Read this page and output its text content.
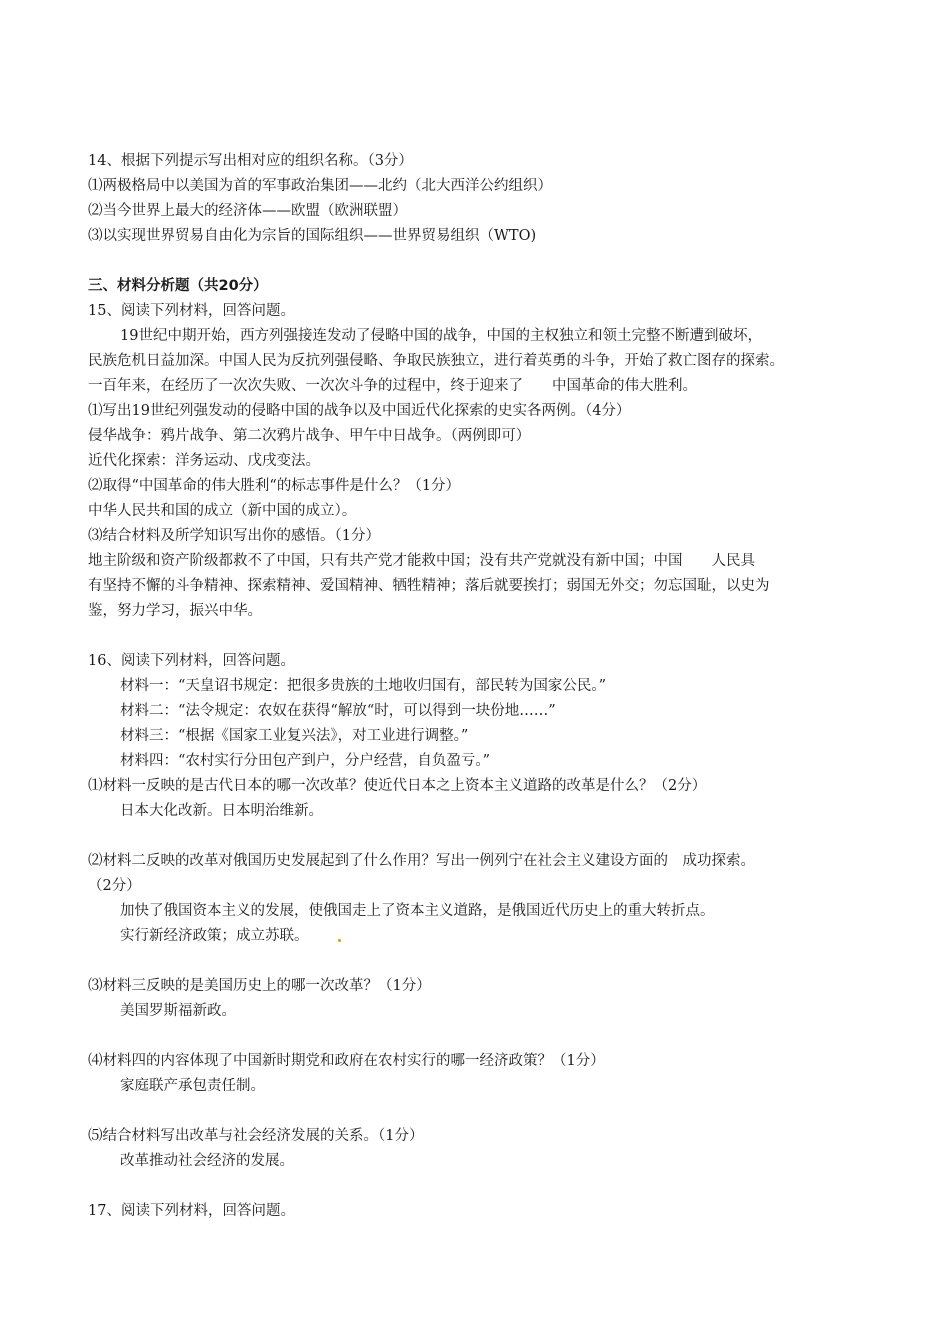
14、根据下列提示写出相对应的组织名称。（3分）
⑴两极格局中以美国为首的军事政治集团——北约（北大西洋公约组织）
⑵当今世界上最大的经济体——欧盟（欧洲联盟）
⑶以实现世界贸易自由化为宗旨的国际组织——世界贸易组织（WTO)
三、材料分析题（共20分）
15、阅读下列材料，回答问题。
19世纪中期开始，西方列强接连发动了侵略中国的战争，中国的主权独立和领土完整不断遭到破坏，
民族危机日益加深。中国人民为反抗列强侵略、争取民族独立，进行着英勇的斗争，开始了救亡图存的探索。
一百年来，在经历了一次次失败、一次次斗争的过程中，终于迎来了　　中国革命的伟大胜利。
⑴写出19世纪列强发动的侵略中国的战争以及中国近代化探索的史实各两例。（4分）
侵华战争：鸦片战争、第二次鸦片战争、甲午中日战争。（两例即可）
近代化探索：洋务运动、戊戌变法。
⑵取得“中国革命的伟大胜利“的标志事件是什么？（1分）
中华人民共和国的成立（新中国的成立）。
⑶结合材料及所学知识写出你的感悟。（1分）
地主阶级和资产阶级都救不了中国，只有共产党才能救中国；没有共产党就没有新中国；中国　　人民具
有坚持不懈的斗争精神、探索精神、爱国精神、牺牲精神；落后就要挨打；弱国无外交；勿忘国耻，以史为
鉴，努力学习，振兴中华。
16、阅读下列材料，回答问题。
材料一：“天皇诏书规定：把很多贵族的土地收归国有，部民转为国家公民。”
材料二：“法令规定：农奴在获得“解放“时，可以得到一块份地……”
材料三：“根据《国家工业复兴法》，对工业进行调整。”
材料四：“农村实行分田包产到户，分户经营，自负盈亏。”
⑴材料一反映的是古代日本的哪一次改革？使近代日本之上资本主义道路的改革是什么？（2分）
日本大化改新。日本明治维新。
⑵材料二反映的改革对俄国历史发展起到了什么作用？写出一例列宁在社会主义建设方面的　成功探索。
（2分）
加快了俄国资本主义的发展，使俄国走上了资本主义道路，是俄国近代历史上的重大转折点。
实行新经济政策；成立苏联。
⑶材料三反映的是美国历史上的哪一次改革？（1分）
美国罗斯福新政。
⑷材料四的内容体现了中国新时期党和政府在农村实行的哪一经济政策？（1分）
家庭联产承包责任制。
⑸结合材料写出改革与社会经济发展的关系。（1分）
改革推动社会经济的发展。
17、阅读下列材料，回答问题。
